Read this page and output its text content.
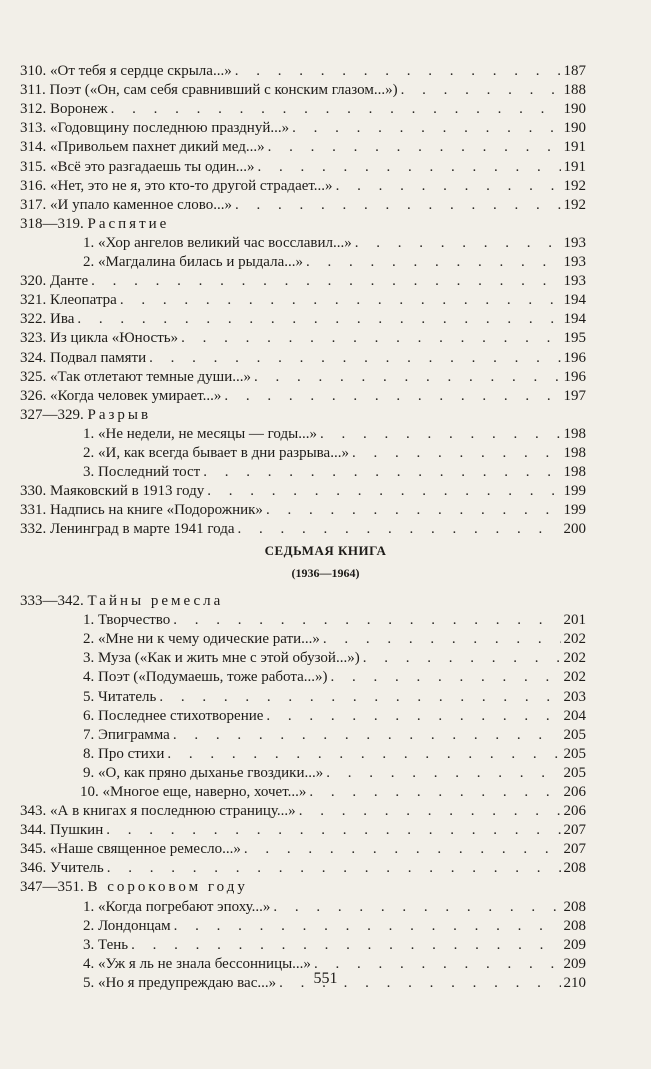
310. «От тебя я сердце скрыла...» . . .	187
311. Поэт («Он, сам себя сравнивший с конским глазом...») . . .	188
312. Воронеж . . .	190
313. «Годовщину последнюю празднуй...» . . .	190
314. «Привольем пахнет дикий мед...» . . .	191
315. «Всё это разгадаешь ты один...» . . .	191
316. «Нет, это не я, это кто-то другой страдает...» . . .	192
317. «И упало каменное слово...» . . .	192
318—319. Распятие
1. «Хор ангелов великий час восславил...» . . .	193
2. «Магдалина билась и рыдала...» . . .	193
320. Данте . . .	193
321. Клеопатра . . .	194
322. Ива . . .	194
323. Из цикла «Юность» . . .	195
324. Подвал памяти . . .	196
325. «Так отлетают темные души...» . . .	196
326. «Когда человек умирает...» . . .	197
327—329. Разрыв
1. «Не недели, не месяцы — годы...» . . .	198
2. «И, как всегда бывает в дни разрыва...» . . .	198
3. Последний тост . . .	198
330. Маяковский в 1913 году . . .	199
331. Надпись на книге «Подорожник» . . .	199
332. Ленинград в марте 1941 года . . .	200
СЕДЬМАЯ КНИГА
(1936—1964)
333—342. Тайны ремесла
1. Творчество . . .	201
2. «Мне ни к чему одические рати...» . . .	202
3. Муза («Как и жить мне с этой обузой...») . . .	202
4. Поэт («Подумаешь, тоже работа...») . . .	202
5. Читатель . . .	203
6. Последнее стихотворение . . .	204
7. Эпиграмма . . .	205
8. Про стихи . . .	205
9. «О, как пряно дыханье гвоздики...» . . .	205
10. «Многое еще, наверно, хочет...» . . .	206
343. «А в книгах я последнюю страницу...» . . .	206
344. Пушкин . . .	207
345. «Наше священное ремесло...» . . .	207
346. Учитель . . .	208
347—351. В сороковом году
1. «Когда погребают эпоху...» . . .	208
2. Лондонцам . . .	208
3. Тень . . .	209
4. «Уж я ль не знала бессонницы...» . . .	209
5. «Но я предупреждаю вас...» . . .	210
551
